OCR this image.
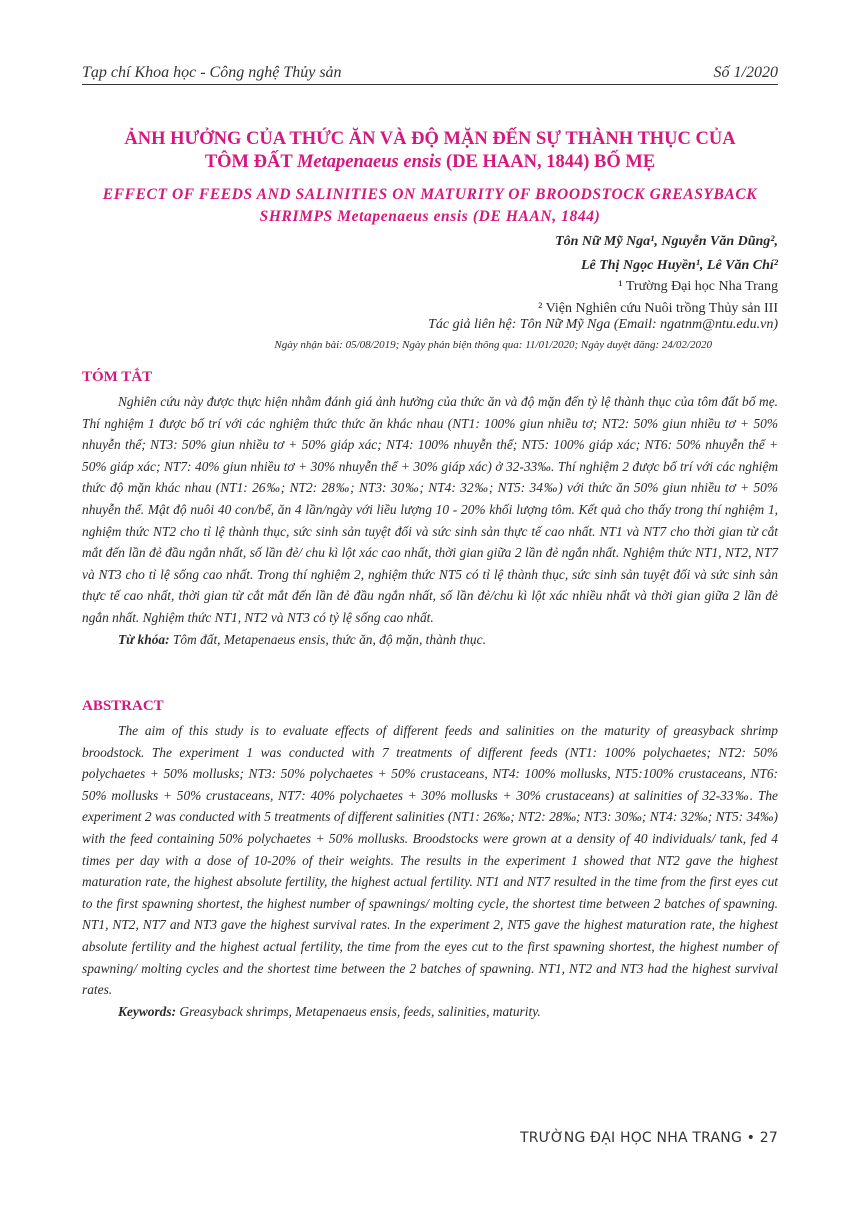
Tạp chí Khoa học - Công nghệ Thủy sản	Số 1/2020
ẢNH HƯỞNG CỦA THỨC ĂN VÀ ĐỘ MẶN ĐẾN SỰ THÀNH THỤC CỦA
TÔM ĐẤT Metapenaeus ensis (DE HAAN, 1844) BỐ MẸ
EFFECT OF FEEDS AND SALINITIES ON MATURITY OF BROODSTOCK GREASYBACK
SHRIMPS Metapenaeus ensis (DE HAAN, 1844)
Tôn Nữ Mỹ Nga¹, Nguyễn Văn Dũng²,
Lê Thị Ngọc Huyền¹, Lê Văn Chí²
¹ Trường Đại học Nha Trang
² Viện Nghiên cứu Nuôi trồng Thủy sản III
Tác giả liên hệ: Tôn Nữ Mỹ Nga (Email: ngatnm@ntu.edu.vn)
Ngày nhận bài: 05/08/2019; Ngày phản biện thông qua: 11/01/2020; Ngày duyệt đăng: 24/02/2020
TÓM TẮT

Nghiên cứu này được thực hiện nhằm đánh giá ảnh hưởng của thức ăn và độ mặn đến tỷ lệ thành thục của tôm đất bố mẹ. Thí nghiệm 1 được bố trí với các nghiệm thức thức ăn khác nhau (NT1: 100% giun nhiều tơ; NT2: 50% giun nhiều tơ + 50% nhuyễn thể; NT3: 50% giun nhiều tơ + 50% giáp xác; NT4: 100% nhuyễn thể; NT5: 100% giáp xác; NT6: 50% nhuyễn thể + 50% giáp xác; NT7: 40% giun nhiều tơ + 30% nhuyễn thể + 30% giáp xác) ở 32-33‰. Thí nghiệm 2 được bố trí với các nghiệm thức độ mặn khác nhau (NT1: 26‰; NT2: 28‰; NT3: 30‰; NT4: 32‰; NT5: 34‰) với thức ăn 50% giun nhiều tơ + 50% nhuyễn thể. Mật độ nuôi 40 con/bể, ăn 4 lần/ngày với liều lượng 10 - 20% khối lượng tôm. Kết quả cho thấy trong thí nghiệm 1, nghiệm thức NT2 cho tỉ lệ thành thục, sức sinh sản tuyệt đối và sức sinh sản thực tế cao nhất. NT1 và NT7 cho thời gian từ cắt mắt đến lần đẻ đầu ngắn nhất, số lần đẻ/ chu kì lột xác cao nhất, thời gian giữa 2 lần đẻ ngắn nhất. Nghiệm thức NT1, NT2, NT7 và NT3 cho tỉ lệ sống cao nhất. Trong thí nghiệm 2, nghiệm thức NT5 có tỉ lệ thành thục, sức sinh sản tuyệt đối và sức sinh sản thực tế cao nhất, thời gian từ cắt mắt đến lần đẻ đầu ngắn nhất, số lần đẻ/chu kì lột xác nhiều nhất và thời gian giữa 2 lần đẻ ngắn nhất. Nghiệm thức NT1, NT2 và NT3 có tỷ lệ sống cao nhất.

Từ khóa: Tôm đất, Metapenaeus ensis, thức ăn, độ mặn, thành thục.

ABSTRACT

The aim of this study is to evaluate effects of different feeds and salinities on the maturity of greasyback shrimp broodstock. The experiment 1 was conducted with 7 treatments of different feeds (NT1: 100% polychaetes; NT2: 50% polychaetes + 50% mollusks; NT3: 50% polychaetes + 50% crustaceans, NT4: 100% mollusks, NT5:100% crustaceans, NT6: 50% mollusks + 50% crustaceans, NT7: 40% polychaetes + 30% mollusks + 30% crustaceans) at salinities of 32-33‰. The experiment 2 was conducted with 5 treatments of different salinities (NT1: 26‰; NT2: 28‰; NT3: 30‰; NT4: 32‰; NT5: 34‰) with the feed containing 50% polychaetes + 50% mollusks. Broodstocks were grown at a density of 40 individuals/ tank, fed 4 times per day with a dose of 10-20% of their weights. The results in the experiment 1 showed that NT2 gave the highest maturation rate, the highest absolute fertility, the highest actual fertility. NT1 and NT7 resulted in the time from the first eyes cut to the first spawning shortest, the highest number of spawnings/ molting cycle, the shortest time between 2 batches of spawning. NT1, NT2, NT7 and NT3 gave the highest survival rates. In the experiment 2, NT5 gave the highest maturation rate, the highest absolute fertility and the highest actual fertility, the time from the eyes cut to the first spawning shortest, the highest number of spawning/ molting cycles and the shortest time between the 2 batches of spawning. NT1, NT2 and NT3 had the highest survival rates.

Keywords: Greasyback shrimps, Metapenaeus ensis, feeds, salinities, maturity.

TRƯỜNG ĐẠI HỌC NHA TRANG • 27
